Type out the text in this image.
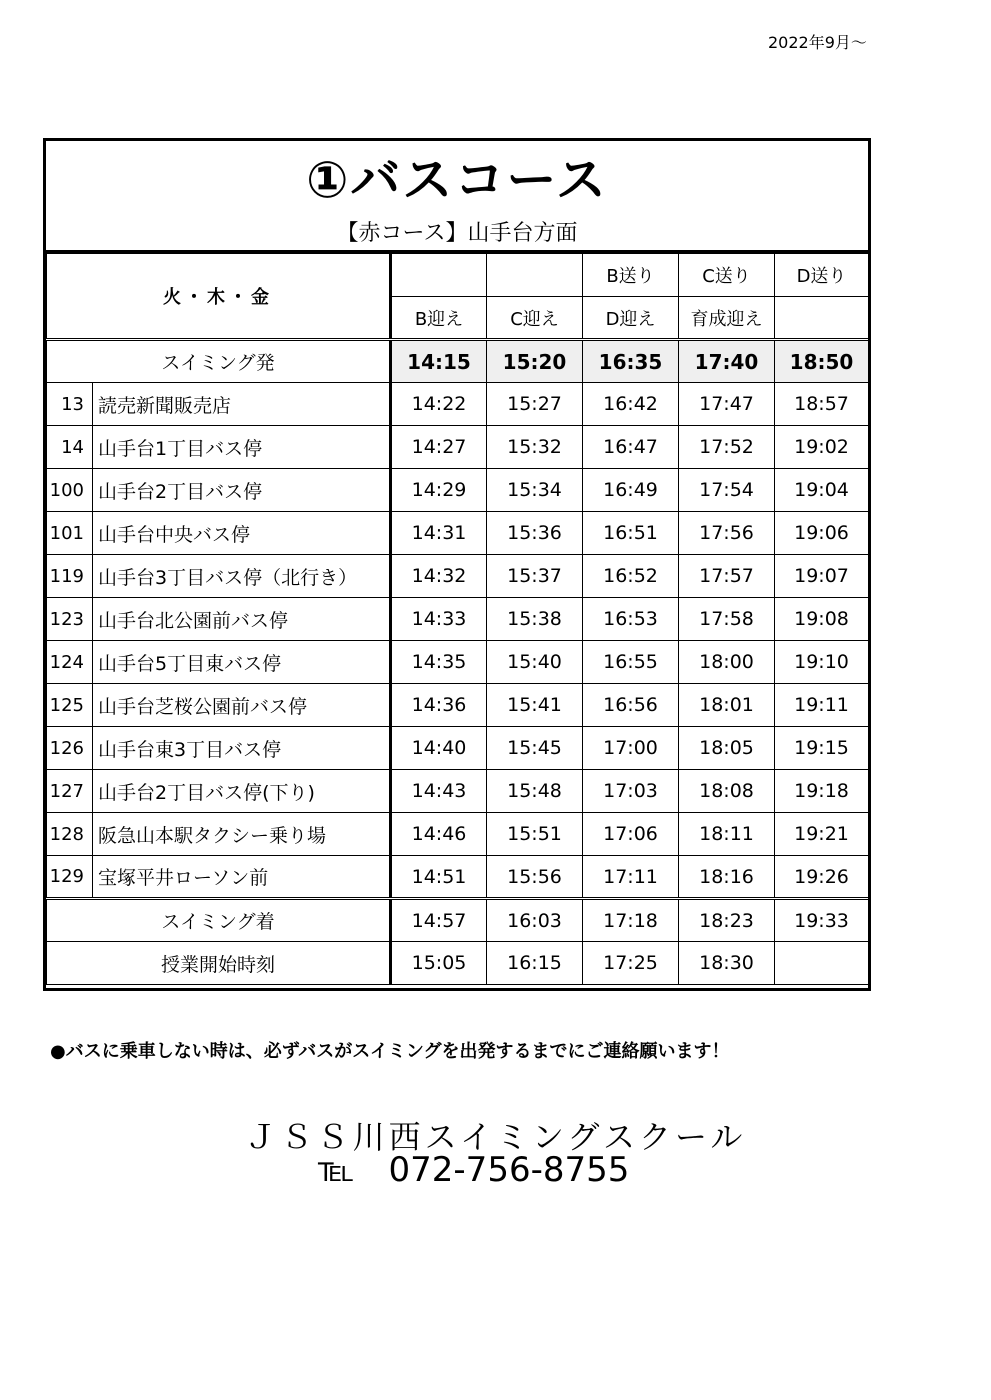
2022年9月～
①バスコース
【赤コース】山手台方面
火・木・金				B送り	C送り	D送り
		B迎え	C迎え	D迎え	育成迎え	
スイミング発		14:15	15:20	16:35	17:40	18:50
13	読売新聞販売店	14:22	15:27	16:42	17:47	18:57
14	山手台1丁目バス停	14:27	15:32	16:47	17:52	19:02
100	山手台2丁目バス停	14:29	15:34	16:49	17:54	19:04
101	山手台中央バス停	14:31	15:36	16:51	17:56	19:06
119	山手台3丁目バス停（北行き）	14:32	15:37	16:52	17:57	19:07
123	山手台北公園前バス停	14:33	15:38	16:53	17:58	19:08
124	山手台5丁目東バス停	14:35	15:40	16:55	18:00	19:10
125	山手台芝桜公園前バス停	14:36	15:41	16:56	18:01	19:11
126	山手台東3丁目バス停	14:40	15:45	17:00	18:05	19:15
127	山手台2丁目バス停(下り)	14:43	15:48	17:03	18:08	19:18
128	阪急山本駅タクシー乗り場	14:46	15:51	17:06	18:11	19:21
129	宝塚平井ローソン前	14:51	15:56	17:11	18:16	19:26
スイミング着		14:57	16:03	17:18	18:23	19:33
授業開始時刻		15:05	16:15	17:25	18:30	
●バスに乗車しない時は、必ずバスがスイミングを出発するまでにご連絡願います！
ＪＳＳ川西スイミングスクール
℡　072-756-8755
